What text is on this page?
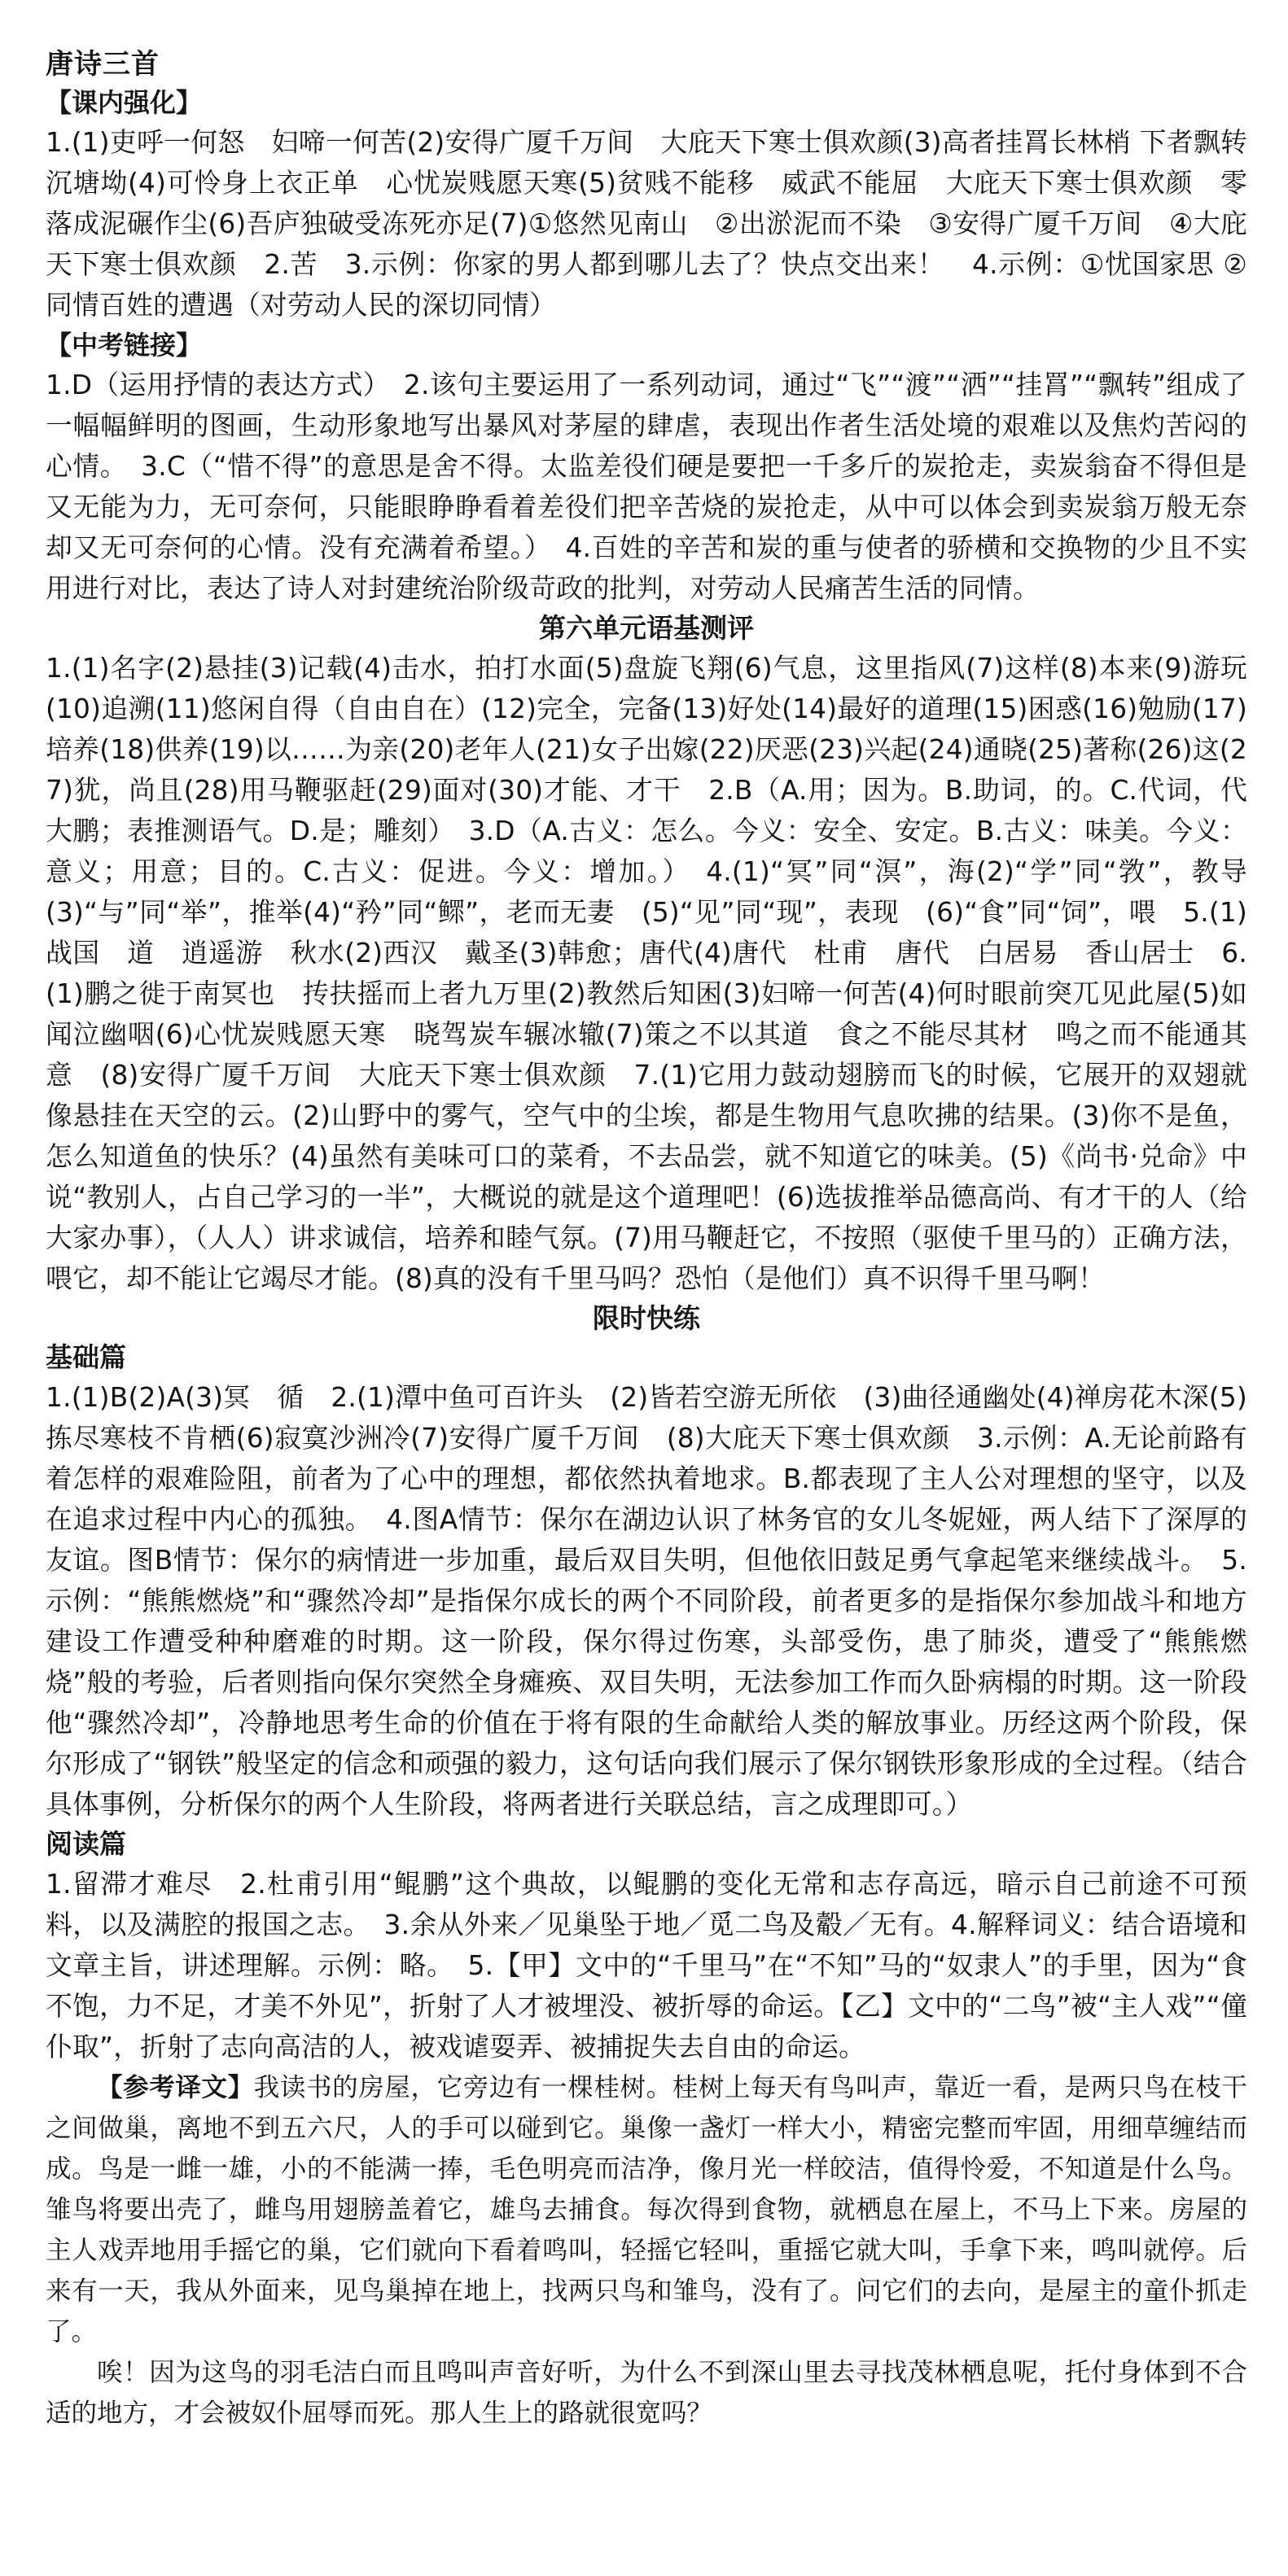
唐诗三首
【课内强化】

1.(1)吏呼一何怒　妇啼一何苦(2)安得广厦千万间　大庇天下寒士俱欢颜(3)高者挂罥长林梢 下者飘转沉塘坳(4)可怜身上衣正单　心忧炭贱愿天寒(5)贫贱不能移　威武不能屈　大庇天下寒士俱欢颜　零落成泥碾作尘(6)吾庐独破受冻死亦足(7)①悠然见南山　②出淤泥而不染　③安得广厦千万间　④大庇天下寒士俱欢颜　2.苦　3.示例：你家的男人都到哪儿去了？快点交出来！　4.示例：①忧国家思 ②同情百姓的遭遇（对劳动人民的深切同情）

【中考链接】

1.D（运用抒情的表达方式）　2.该句主要运用了一系列动词，通过“飞”“渡”“洒”“挂罥”“飘转”组成了一幅幅鲜明的图画，生动形象地写出暴风对茅屋的肆虐，表现出作者生活处境的艰难以及焦灼苦闷的心情。　3.C（“惜不得”的意思是舍不得。太监差役们硬是要把一千多斤的炭抢走，卖炭翁奋不得但是又无能为力，无可奈何，只能眼睁睁看着差役们把辛苦烧的炭抢走，从中可以体会到卖炭翁万般无奈却又无可奈何的心情。没有充满着希望。）　4.百姓的辛苦和炭的重与使者的骄横和交换物的少且不实用进行对比，表达了诗人对封建统治阶级苛政的批判，对劳动人民痛苦生活的同情。

第六单元语基测评

1.(1)名字(2)悬挂(3)记载(4)击水，拍打水面(5)盘旋飞翔(6)气息，这里指风(7)这样(8)本来(9)游玩(10)追溯(11)悠闲自得（自由自在）(12)完全，完备(13)好处(14)最好的道理(15)困惑(16)勉励(17)培养(18)供养(19)以……为亲(20)老年人(21)女子出嫁(22)厌恶(23)兴起(24)通晓(25)著称(26)这(27)犹，尚且(28)用马鞭驱赶(29)面对(30)才能、才干　2.B（A.用；因为。B.助词，的。C.代词，代大鹏；表推测语气。D.是；雕刻）　3.D（A.古义：怎么。今义：安全、安定。B.古义：味美。今义：意义；用意；目的。C.古义：促进。今义：增加。）　4.(1)“冥”同“溟”，海(2)“学”同“敩”，教导　(3)“与”同“举”，推举(4)“矜”同“鳏”，老而无妻　(5)“见”同“现”，表现　(6)“食”同“饲”，喂　5.(1)战国　道　逍遥游　秋水(2)西汉　戴圣(3)韩愈；唐代(4)唐代　杜甫　唐代　白居易　香山居士　6.(1)鹏之徙于南冥也　抟扶摇而上者九万里(2)教然后知困(3)妇啼一何苦(4)何时眼前突兀见此屋(5)如闻泣幽咽(6)心忧炭贱愿天寒　晓驾炭车辗冰辙(7)策之不以其道　食之不能尽其材　鸣之而不能通其意　(8)安得广厦千万间　大庇天下寒士俱欢颜　7.(1)它用力鼓动翅膀而飞的时候，它展开的双翅就像悬挂在天空的云。(2)山野中的雾气，空气中的尘埃，都是生物用气息吹拂的结果。(3)你不是鱼，怎么知道鱼的快乐？(4)虽然有美味可口的菜肴，不去品尝，就不知道它的味美。(5)《尚书·兑命》中说“教别人，占自己学习的一半”，大概说的就是这个道理吧！(6)选拔推举品德高尚、有才干的人（给大家办事），（人人）讲求诚信，培养和睦气氛。(7)用马鞭赶它，不按照（驱使千里马的）正确方法，喂它，却不能让它竭尽才能。(8)真的没有千里马吗？恐怕（是他们）真不识得千里马啊！

限时快练
基础篇

1.(1)B(2)A(3)冥　循　2.(1)潭中鱼可百许头　(2)皆若空游无所依　(3)曲径通幽处(4)禅房花木深(5)拣尽寒枝不肯栖(6)寂寞沙洲冷(7)安得广厦千万间　(8)大庇天下寒士俱欢颜　3.示例：A.无论前路有着怎样的艰难险阻，前者为了心中的理想，都依然执着地求。B.都表现了主人公对理想的坚守，以及在追求过程中内心的孤独。　4.图A情节：保尔在湖边认识了林务官的女儿冬妮娅，两人结下了深厚的友谊。图B情节：保尔的病情进一步加重，最后双目失明，但他依旧鼓足勇气拿起笔来继续战斗。　5.示例：“熊熊燃烧”和“骤然冷却”是指保尔成长的两个不同阶段，前者更多的是指保尔参加战斗和地方建设工作遭受种种磨难的时期。这一阶段，保尔得过伤寒，头部受伤，患了肺炎，遭受了“熊熊燃烧”般的考验，后者则指向保尔突然全身瘫痪、双目失明，无法参加工作而久卧病榻的时期。这一阶段他“骤然冷却”，冷静地思考生命的价值在于将有限的生命献给人类的解放事业。历经这两个阶段，保尔形成了“钢铁”般坚定的信念和顽强的毅力，这句话向我们展示了保尔钢铁形象形成的全过程。（结合具体事例，分析保尔的两个人生阶段，将两者进行关联总结，言之成理即可。）

阅读篇

1.留滞才难尽　2.杜甫引用“鲲鹏”这个典故，以鲲鹏的变化无常和志存高远，暗示自己前途不可预料，以及满腔的报国之志。　3.余从外来／见巢坠于地／觅二鸟及觳／无有。4.解释词义：结合语境和文章主旨，讲述理解。示例：略。　5.【甲】文中的“千里马”在“不知”马的“奴隶人”的手里，因为“食不饱，力不足，才美不外见”，折射了人才被埋没、被折辱的命运。【乙】文中的“二鸟”被“主人戏”“僮仆取”，折射了志向高洁的人，被戏谑耍弄、被捕捉失去自由的命运。

【参考译文】我读书的房屋，它旁边有一棵桂树。桂树上每天有鸟叫声，靠近一看，是两只鸟在枝干之间做巢，离地不到五六尺，人的手可以碰到它。巢像一盏灯一样大小，精密完整而牢固，用细草缠结而成。鸟是一雌一雄，小的不能满一捧，毛色明亮而洁净，像月光一样皎洁，值得怜爱，不知道是什么鸟。雏鸟将要出壳了，雌鸟用翅膀盖着它，雄鸟去捕食。每次得到食物，就栖息在屋上，不马上下来。房屋的主人戏弄地用手摇它的巢，它们就向下看着鸣叫，轻摇它轻叫，重摇它就大叫，手拿下来，鸣叫就停。后来有一天，我从外面来，见鸟巢掉在地上，找两只鸟和雏鸟，没有了。问它们的去向，是屋主的童仆抓走了。

唉！因为这鸟的羽毛洁白而且鸣叫声音好听，为什么不到深山里去寻找茂林栖息呢，托付身体到不合适的地方，才会被奴仆屈辱而死。那人生上的路就很宽吗？
